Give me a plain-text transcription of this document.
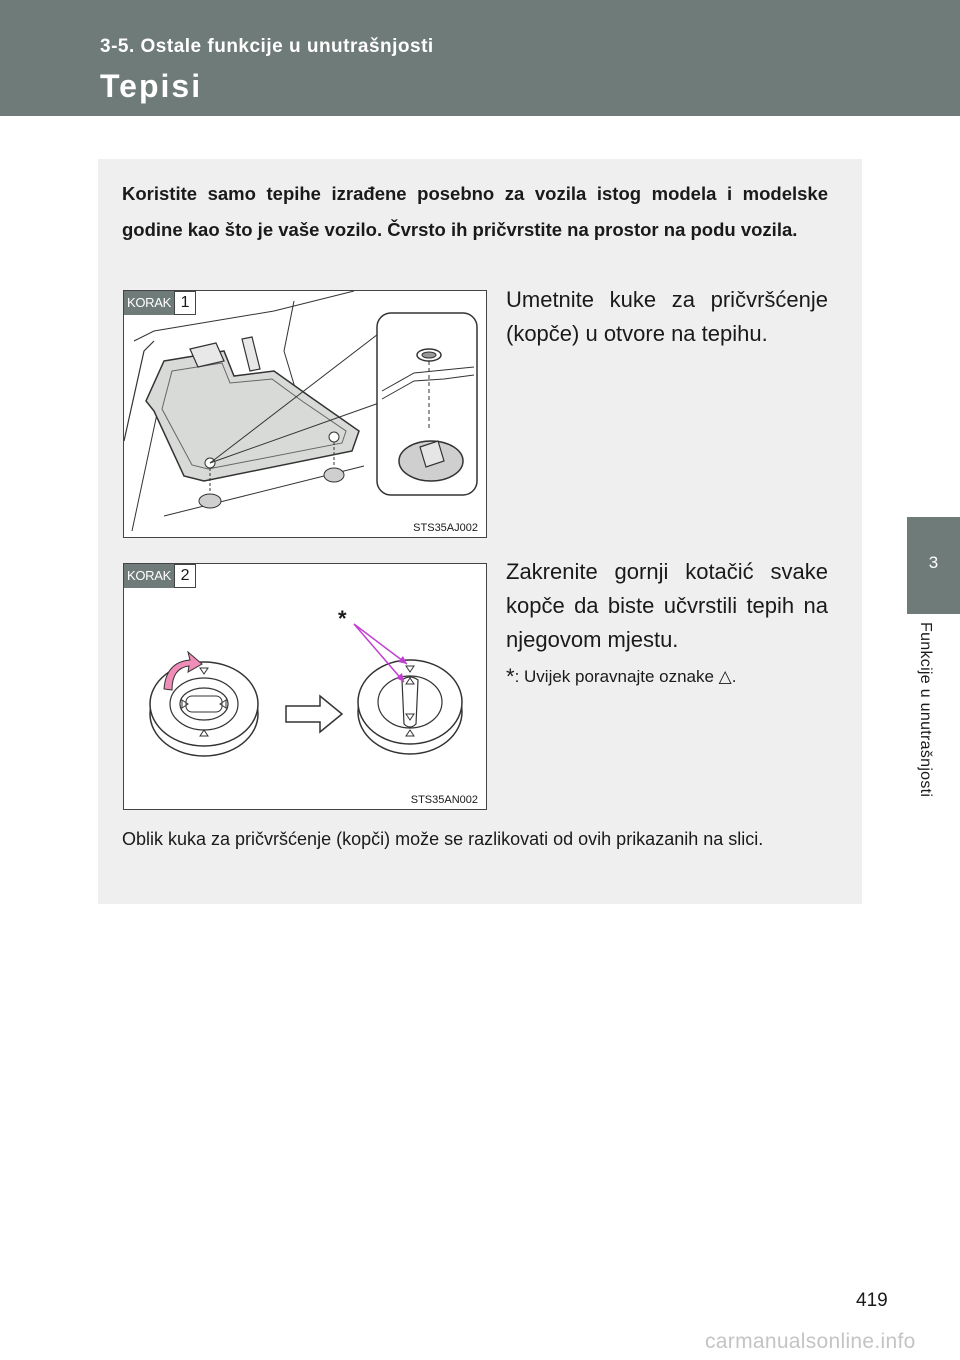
3-5. Ostale funkcije u unutrašnjosti
Tepisi
3
Funkcije u unutrašnjosti
Koristite samo tepihe izrađene posebno za vozila istog modela i modelske godine kao što je vaše vozilo. Čvrsto ih pričvrstite na prostor na podu vozila.
KORAK 1
STS35AJ002
Umetnite kuke za pričvršćenje (kopče) u otvore na tepihu.
*
KORAK 2
STS35AN002
Zakrenite gornji kotačić svake kopče da biste učvrstili tepih na njegovom mjestu.
*: Uvijek poravnajte oznake △.
Oblik kuka za pričvršćenje (kopči) može se razlikovati od ovih prikazanih na slici.
419
carmanualsonline.info
